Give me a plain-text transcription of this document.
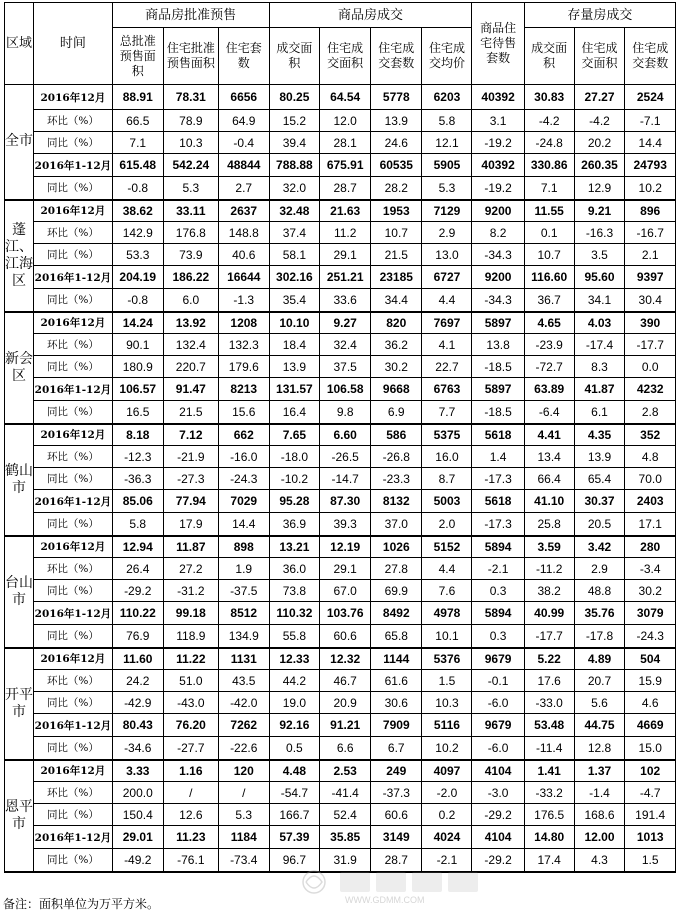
区域	时间	商品房批准预售			商品房成交				商品住宅待售套数	存量房成交		
		总批准预售面积	住宅批准预售面积	住宅套数	成交面积	住宅成交面积	住宅成交套数	住宅成交均价		成交面积	住宅成交面积	住宅成交套数
全市	2016年12月	88.91	78.31	6656	80.25	64.54	5778	6203	40392	30.83	27.27	2524
	环比（%）	66.5	78.9	64.9	15.2	12.0	13.9	5.8	3.1	-4.2	-4.2	-7.1
	同比（%）	7.1	10.3	-0.4	39.4	28.1	24.6	12.1	-19.2	-24.8	20.2	14.4
	2016年1-12月	615.48	542.24	48844	788.88	675.91	60535	5905	40392	330.86	260.35	24793
	同比（%）	-0.8	5.3	2.7	32.0	28.7	28.2	5.3	-19.2	7.1	12.9	10.2
蓬江、江海区	2016年12月	38.62	33.11	2637	32.48	21.63	1953	7129	9200	11.55	9.21	896
	环比（%）	142.9	176.8	148.8	37.4	11.2	10.7	2.9	8.2	0.1	-16.3	-16.7
	同比（%）	53.3	73.9	40.6	58.1	29.1	21.5	13.0	-34.3	10.7	3.5	2.1
	2016年1-12月	204.19	186.22	16644	302.16	251.21	23185	6727	9200	116.60	95.60	9397
	同比（%）	-0.8	6.0	-1.3	35.4	33.6	34.4	4.4	-34.3	36.7	34.1	30.4
新会区	2016年12月	14.24	13.92	1208	10.10	9.27	820	7697	5897	4.65	4.03	390
	环比（%）	90.1	132.4	132.3	18.4	32.4	36.2	4.1	13.8	-23.9	-17.4	-17.7
	同比（%）	180.9	220.7	179.6	13.9	37.5	30.2	22.7	-18.5	-72.7	8.3	0.0
	2016年1-12月	106.57	91.47	8213	131.57	106.58	9668	6763	5897	63.89	41.87	4232
	同比（%）	16.5	21.5	15.6	16.4	9.8	6.9	7.7	-18.5	-6.4	6.1	2.8
鹤山市	2016年12月	8.18	7.12	662	7.65	6.60	586	5375	5618	4.41	4.35	352
	环比（%）	-12.3	-21.9	-16.0	-18.0	-26.5	-26.8	16.0	1.4	13.4	13.9	4.8
	同比（%）	-36.3	-27.3	-24.3	-10.2	-14.7	-23.3	8.7	-17.3	66.4	65.4	70.0
	2016年1-12月	85.06	77.94	7029	95.28	87.30	8132	5003	5618	41.10	30.37	2403
	同比（%）	5.8	17.9	14.4	36.9	39.3	37.0	2.0	-17.3	25.8	20.5	17.1
台山市	2016年12月	12.94	11.87	898	13.21	12.19	1026	5152	5894	3.59	3.42	280
	环比（%）	26.4	27.2	1.9	36.0	29.1	27.8	4.4	-2.1	-11.2	2.9	-3.4
	同比（%）	-29.2	-31.2	-37.5	73.8	67.0	69.9	7.6	0.3	38.2	48.8	30.2
	2016年1-12月	110.22	99.18	8512	110.32	103.76	8492	4978	5894	40.99	35.76	3079
	同比（%）	76.9	118.9	134.9	55.8	60.6	65.8	10.1	0.3	-17.7	-17.8	-24.3
开平市	2016年12月	11.60	11.22	1131	12.33	12.32	1144	5376	9679	5.22	4.89	504
	环比（%）	24.2	51.0	43.5	44.2	46.7	61.6	1.5	-0.1	17.6	20.7	15.9
	同比（%）	-42.9	-43.0	-42.0	19.0	20.9	30.6	10.3	-6.0	-33.0	5.6	4.6
	2016年1-12月	80.43	76.20	7262	92.16	91.21	7909	5116	9679	53.48	44.75	4669
	同比（%）	-34.6	-27.7	-22.6	0.5	6.6	6.7	10.2	-6.0	-11.4	12.8	15.0
恩平市	2016年12月	3.33	1.16	120	4.48	2.53	249	4097	4104	1.41	1.37	102
	环比（%）	200.0	/	/	-54.7	-41.4	-37.3	-2.0	-3.0	-33.2	-1.4	-4.7
	同比（%）	150.4	12.6	5.3	166.7	52.4	60.6	0.2	-29.2	176.5	168.6	191.4
	2016年1-12月	29.01	11.23	1184	57.39	35.85	3149	4024	4104	14.80	12.00	1013
	同比（%）	-49.2	-76.1	-73.4	96.7	31.9	28.7	-2.1	-29.2	17.4	4.3	1.5
备注：面积单位为万平方米。	WWW.GDMM.COM
